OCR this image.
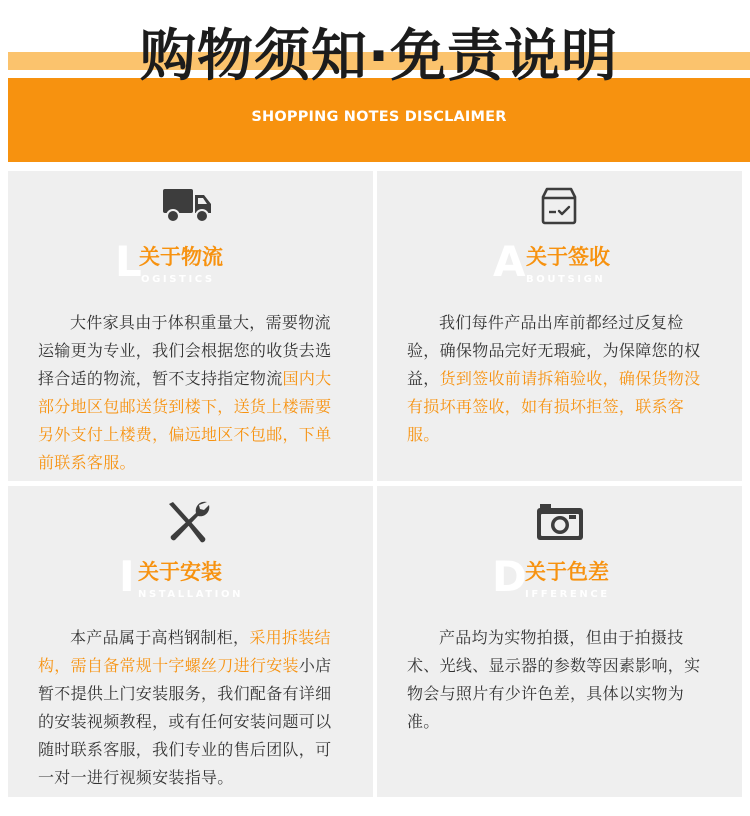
购物须知·免责说明
SHOPPING NOTES DISCLAIMER
L
关于物流
OGISTICS

大件家具由于体积重量大，需要物流运输更为专业，我们会根据您的收货去选择合适的物流，暂不支持指定物流国内大部分地区包邮送货到楼下，送货上楼需要另外支付上楼费，偏远地区不包邮，下单前联系客服。

A 关于签收
BOUTSIGN

我们每件产品出库前都经过反复检验，确保物品完好无瑕疵，为保障您的权益，货到签收前请拆箱验收，确保货物没有损坏再签收，如有损坏拒签，联系客服。

I 关于安装
NSTALLATION

本产品属于高档钢制柜，采用拆装结构，需自备常规十字螺丝刀进行安装小店暂不提供上门安装服务，我们配备有详细的安装视频教程，或有任何安装问题可以随时联系客服，我们专业的售后团队，可一对一进行视频安装指导。

D
关于色差
IFFERENCE

产品均为实物拍摄，但由于拍摄技术、光线、显示器的参数等因素影响，实物会与照片有少许色差，具体以实物为准。
